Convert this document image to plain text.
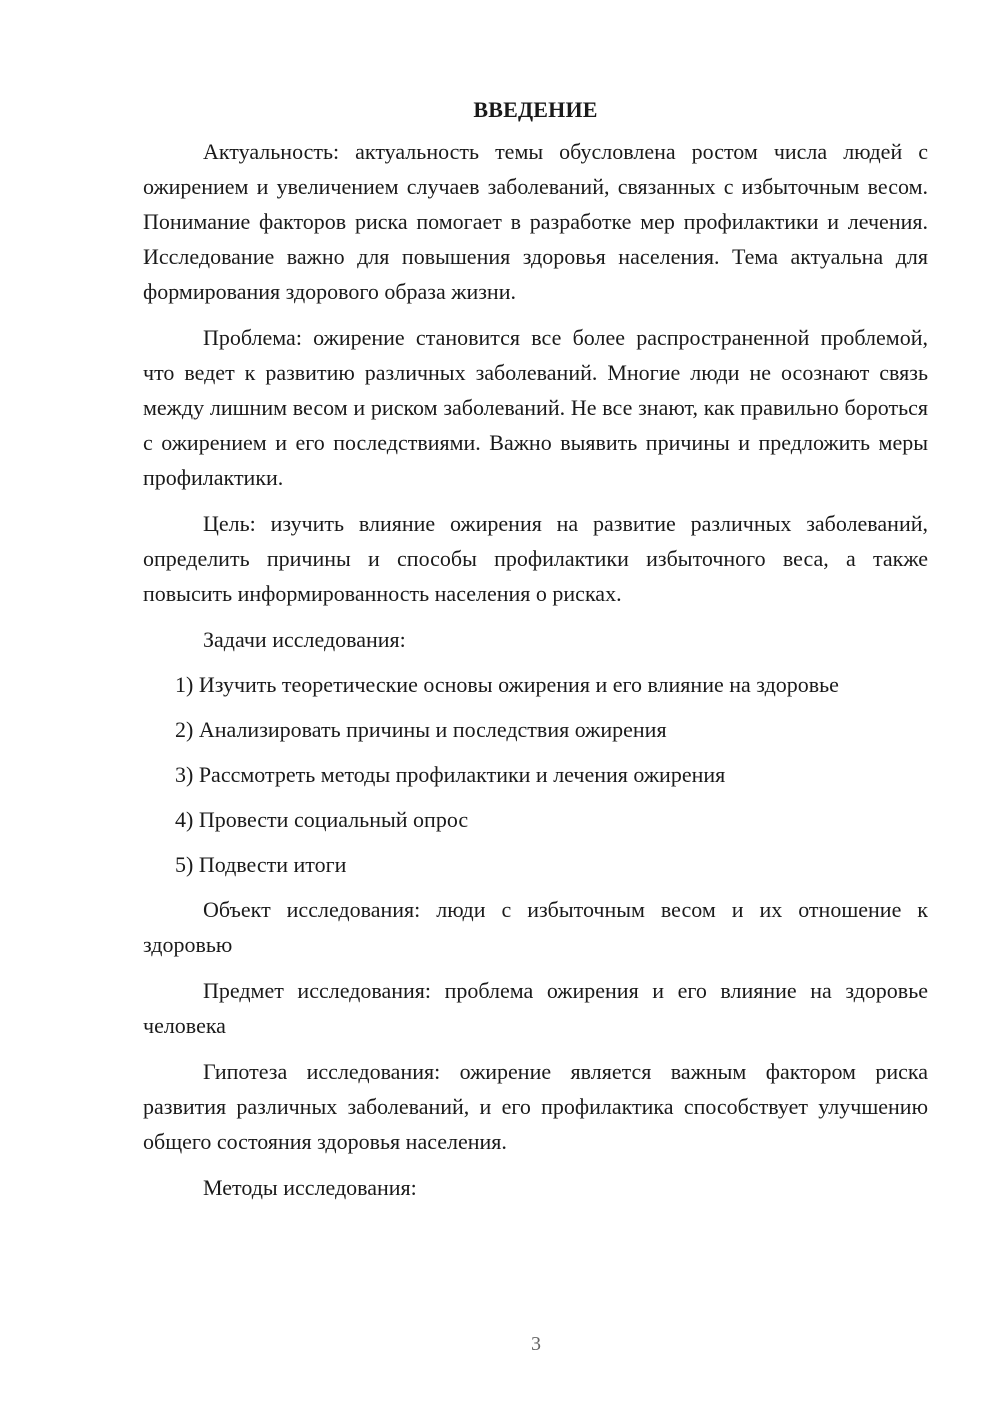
ВВЕДЕНИЕ

Актуальность: актуальность темы обусловлена ростом числа людей с ожирением и увеличением случаев заболеваний, связанных с избыточным весом. Понимание факторов риска помогает в разработке мер профилактики и лечения. Исследование важно для повышения здоровья населения. Тема актуальна для формирования здорового образа жизни.

Проблема: ожирение становится все более распространенной проблемой, что ведет к развитию различных заболеваний. Многие люди не осознают связь между лишним весом и риском заболеваний. Не все знают, как правильно бороться с ожирением и его последствиями. Важно выявить причины и предложить меры профилактики.

Цель: изучить влияние ожирения на развитие различных заболеваний, определить причины и способы профилактики избыточного веса, а также повысить информированность населения о рисках.

Задачи исследования:

1) Изучить теоретические основы ожирения и его влияние на здоровье
2) Анализировать причины и последствия ожирения
3) Рассмотреть методы профилактики и лечения ожирения
4) Провести социальный опрос
5) Подвести итоги

Объект исследования: люди с избыточным весом и их отношение к здоровью

Предмет исследования: проблема ожирения и его влияние на здоровье человека

Гипотеза исследования: ожирение является важным фактором риска развития различных заболеваний, и его профилактика способствует улучшению общего состояния здоровья населения.

Методы исследования:

3
